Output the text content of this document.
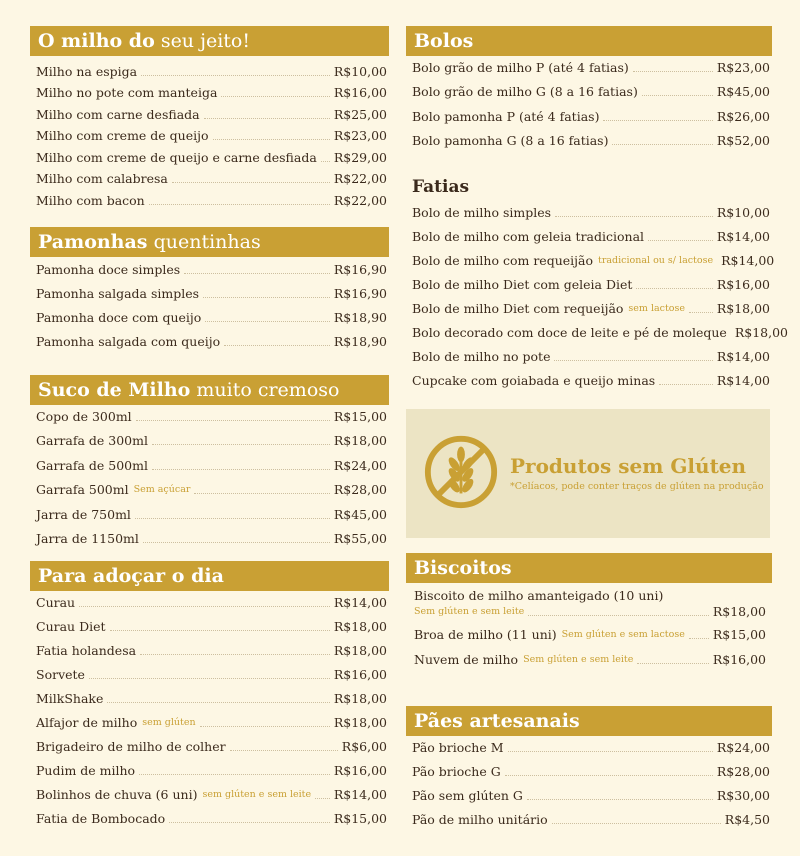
O milho do seu jeito!
Milho na espiga	R$10,00
Milho no pote com manteiga	R$16,00
Milho com carne desfiada	R$25,00
Milho com creme de queijo	R$23,00
Milho com creme de queijo e carne desfiada R$29,00
Milho com calabresa	R$22,00
Milho com bacon	R$22,00
Pamonhas quentinhas
Pamonha doce simples	R$16,90
Pamonha salgada simples	R$16,90
Pamonha doce com queijo	R$18,90
Pamonha salgada com queijo	R$18,90
Suco de Milho muito cremoso
Copo de 300ml	R$15,00
Garrafa de 300ml	R$18,00
Garrafa de 500ml	R$24,00
Garrafa 500ml Sem açúcar	R$28,00
Jarra de 750ml	R$45,00
Jarra de 1150ml	R$55,00
Para adoçar o dia
Curau	R$14,00
Curau Diet	R$18,00
Fatia holandesa	R$18,00
Sorvete	R$16,00
MilkShake	R$18,00
Alfajor de milho sem glúten	R$18,00
Brigadeiro de milho de colher	R$6,00
Pudim de milho	R$16,00
Bolinhos de chuva (6 uni) sem glúten e sem leite R$14,00
Fatia de Bombocado	R$15,00
Bolos
Bolo grão de milho P (até 4 fatias)	R$23,00
Bolo grão de milho G (8 a 16 fatias)	R$45,00
Bolo pamonha P (até 4 fatias)	R$26,00
Bolo pamonha G (8 a 16 fatias)	R$52,00
Fatias
Bolo de milho simples	R$10,00
Bolo de milho com geleia tradicional	R$14,00
Bolo de milho com requeijão tradicional ou s/ lactose R$14,00
Bolo de milho Diet com geleia Diet	R$16,00
Bolo de milho Diet com requeijão sem lactose	R$18,00
Bolo decorado com doce de leite e pé de moleque R$18,00
Bolo de milho no pote	R$14,00
Cupcake com goiabada e queijo minas	R$14,00
Produtos sem Glúten
*Celíacos, pode conter traços de glúten na produção
Biscoitos
Biscoito de milho amanteigado (10 uni)
Sem glúten e sem leite	R$18,00
Broa de milho (11 uni) Sem glúten e sem lactose R$15,00
Nuvem de milho Sem glúten e sem leite	R$16,00
Pães artesanais
Pão brioche M	R$24,00
Pão brioche G	R$28,00
Pão sem glúten G	R$30,00
Pão de milho unitário	R$4,50
